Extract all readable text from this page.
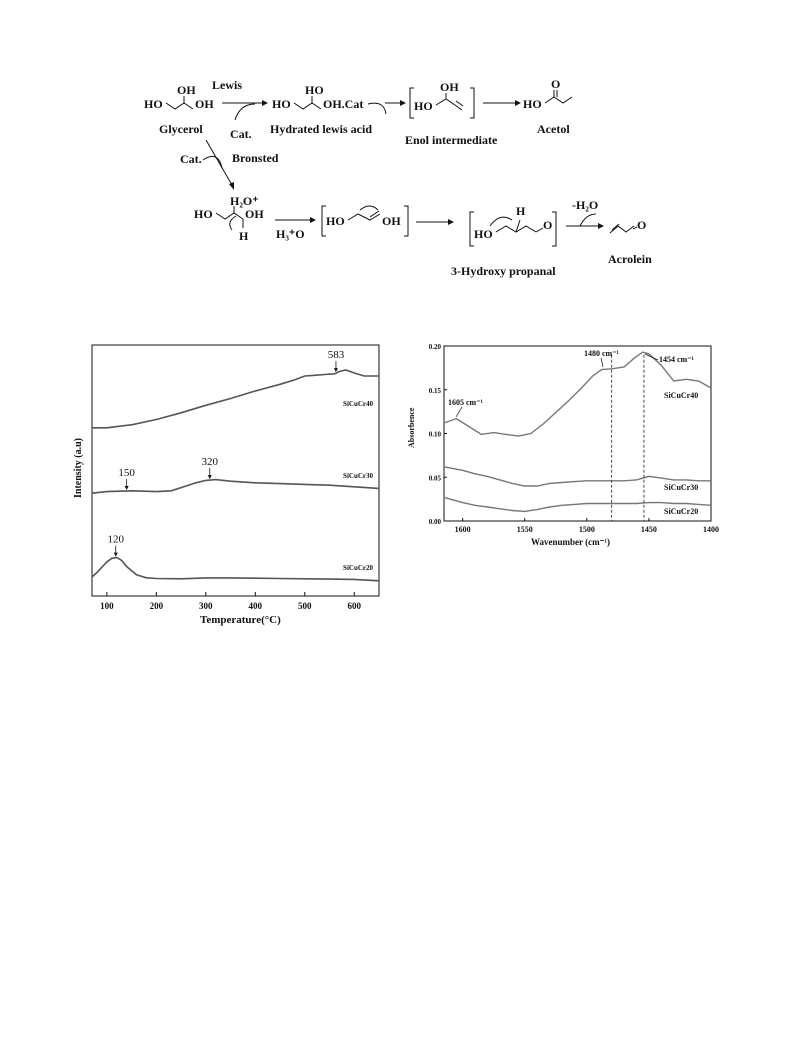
HO
OH
OH
Glycerol
Lewis
Cat.
HO
HO
OH.Cat
Hydrated lewis acid
HO
OH
Enol intermediate
HO
O
Acetol
Cat.	Bronsted
HO
H₂O⁺
OH
H H₃⁺O
HO	OH
HO
H
O
3-Hydroxy propanal
-H₂O
O
Acrolein
100	200	300	400	500	600
SiCuCr40
SiCuCr30
SiCuCr20
583
150
320
120
Temperature(°C)
Intensity (a.u)
1600	1550	1500	1450	1400
0.00
0.05
0.10
0.15
0.20
SiCuCr40
SiCuCr30
SiCuCr20
1605 cm⁻¹
1480 cm⁻¹
1454 cm⁻¹
Wavenumber (cm⁻¹)
Absorbence
